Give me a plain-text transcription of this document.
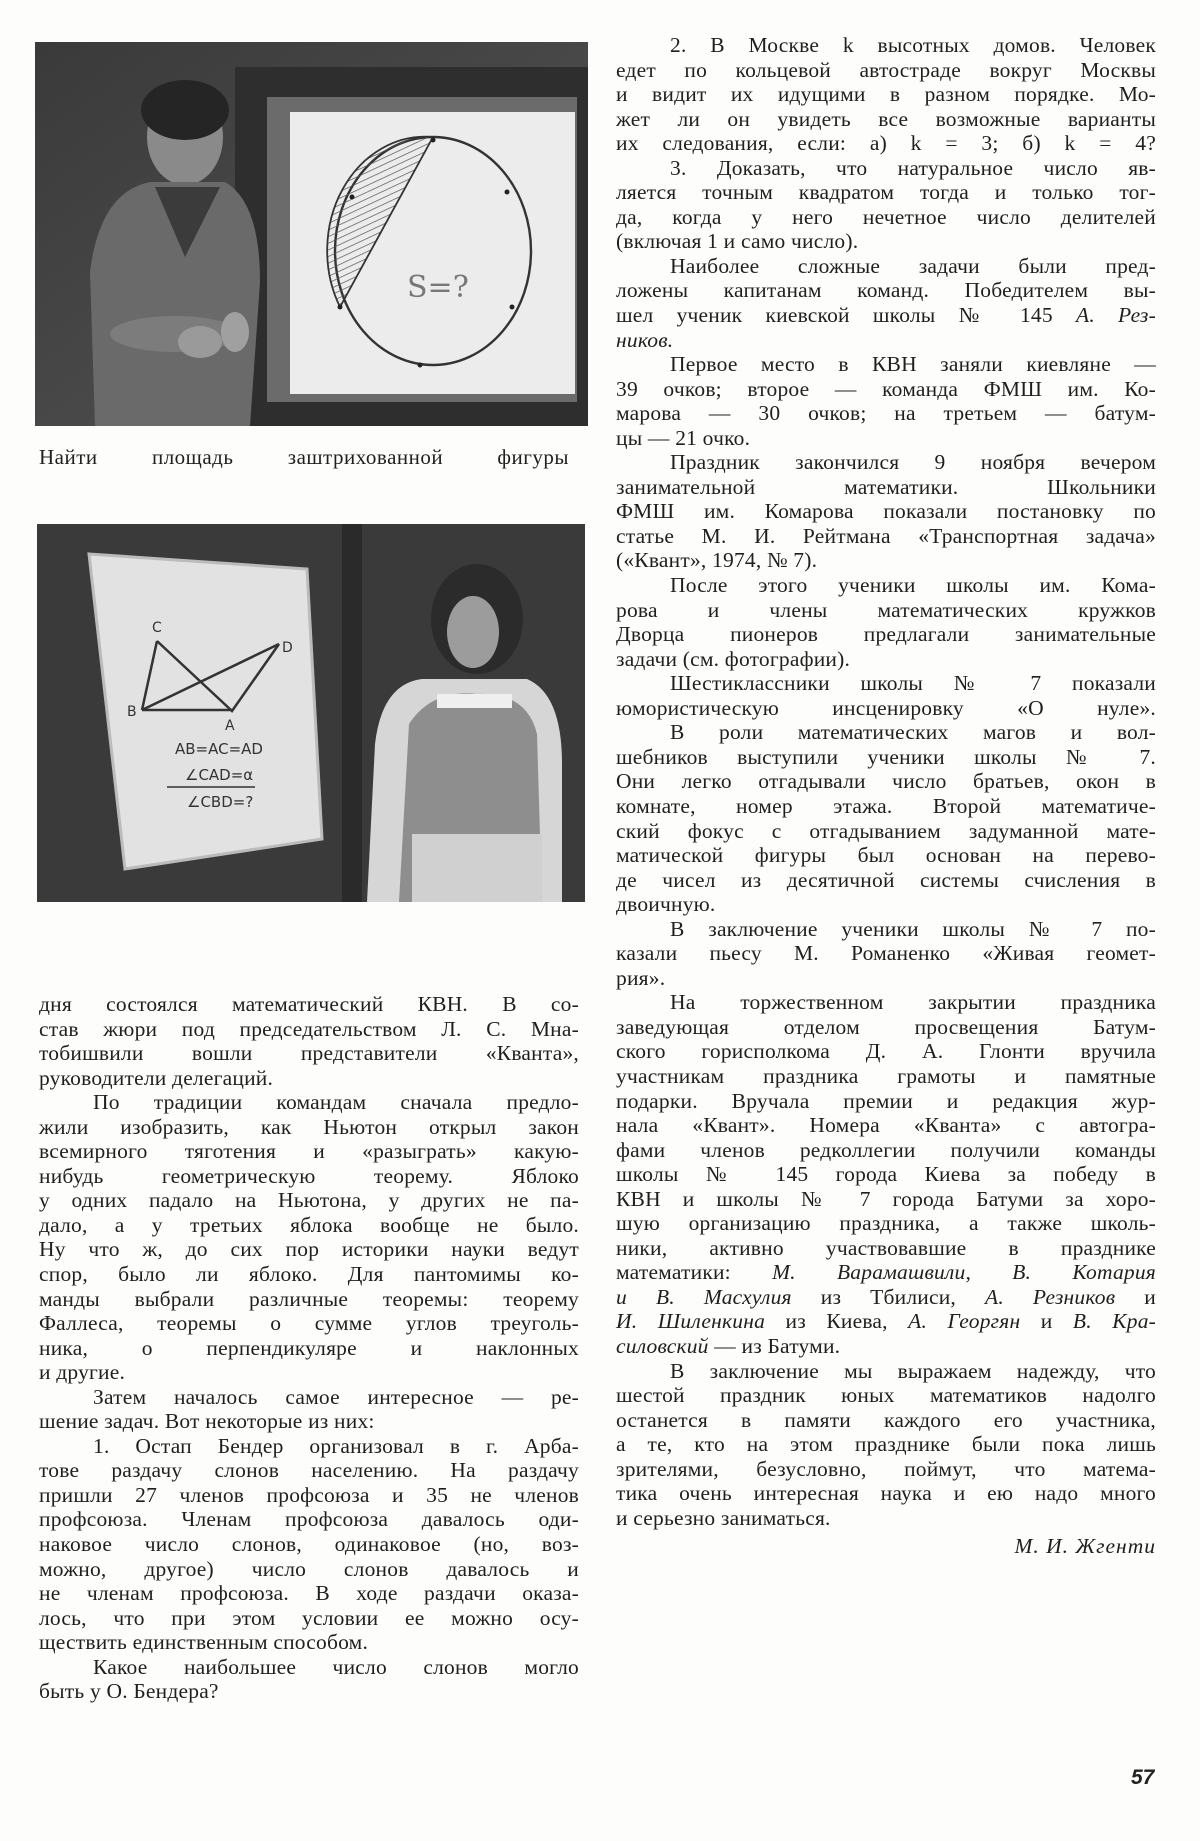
S=?
Найти площадь заштрихованной фигуры
C
D
B
A
AB=AC=AD
∠CAD=α
∠CBD=?
дня состоялся математический КВН. В со-
став жюри под председательством Л. С. Мна-
тобишвили вошли представители «Кванта»,
руководители делегаций.
По традиции командам сначала предло-
жили изобразить, как Ньютон открыл закон
всемирного тяготения и «разыграть» какую-
нибудь геометрическую теорему. Яблоко
у одних падало на Ньютона, у других не па-
дало, а у третьих яблока вообще не было.
Ну что ж, до сих пор историки науки ведут
спор, было ли яблоко. Для пантомимы ко-
манды выбрали различные теоремы: теорему
Фаллеса, теоремы о сумме углов треуголь-
ника, о перпендикуляре и наклонных
и другие.
Затем началось самое интересное — ре-
шение задач. Вот некоторые из них:
1. Остап Бендер организовал в г. Арба-
тове раздачу слонов населению. На раздачу
пришли 27 членов профсоюза и 35 не членов
профсоюза. Членам профсоюза давалось оди-
наковое число слонов, одинаковое (но, воз-
можно, другое) число слонов давалось и
не членам профсоюза. В ходе раздачи оказа-
лось, что при этом условии ее можно осу-
ществить единственным способом.
Какое наибольшее число слонов могло
быть у О. Бендера?
2. В Москве k высотных домов. Человек
едет по кольцевой автостраде вокруг Москвы
и видит их идущими в разном порядке. Мо-
жет ли он увидеть все возможные варианты
их следования, если: а) k = 3; б) k = 4?
3. Доказать, что натуральное число яв-
ляется точным квадратом тогда и только тог-
да, когда у него нечетное число делителей
(включая 1 и само число).
Наиболее сложные задачи были пред-
ложены капитанам команд. Победителем вы-
шел ученик киевской школы № 145 А. Рез-
ников.
Первое место в КВН заняли киевляне —
39 очков; второе — команда ФМШ им. Ко-
марова — 30 очков; на третьем — батум-
цы — 21 очко.
Праздник закончился 9 ноября вечером
занимательной математики. Школьники
ФМШ им. Комарова показали постановку по
статье М. И. Рейтмана «Транспортная задача»
(«Квант», 1974, № 7).
После этого ученики школы им. Кома-
рова и члены математических кружков
Дворца пионеров предлагали занимательные
задачи (см. фотографии).
Шестиклассники школы № 7 показали
юмористическую инсценировку «О нуле».
В роли математических магов и вол-
шебников выступили ученики школы № 7.
Они легко отгадывали число братьев, окон в
комнате, номер этажа. Второй математиче-
ский фокус с отгадыванием задуманной мате-
матической фигуры был основан на перево-
де чисел из десятичной системы счисления в
двоичную.
В заключение ученики школы № 7 по-
казали пьесу М. Романенко «Живая геомет-
рия».
На торжественном закрытии праздника
заведующая отделом просвещения Батум-
ского горисполкома Д. А. Глонти вручила
участникам праздника грамоты и памятные
подарки. Вручала премии и редакция жур-
нала «Квант». Номера «Кванта» с автогра-
фами членов редколлегии получили команды
школы № 145 города Киева за победу в
КВН и школы № 7 города Батуми за хоро-
шую организацию праздника, а также школь-
ники, активно участвовавшие в празднике
математики: М. Варамашвили, В. Котария
и В. Масхулия из Тбилиси, А. Резников и
И. Шиленкина из Киева, А. Георгян и В. Кра-
силовский — из Батуми.
В заключение мы выражаем надежду, что
шестой праздник юных математиков надолго
останется в памяти каждого его участника,
а те, кто на этом празднике были пока лишь
зрителями, безусловно, поймут, что матема-
тика очень интересная наука и ею надо много
и серьезно заниматься.
М. И. Жгенти
57
